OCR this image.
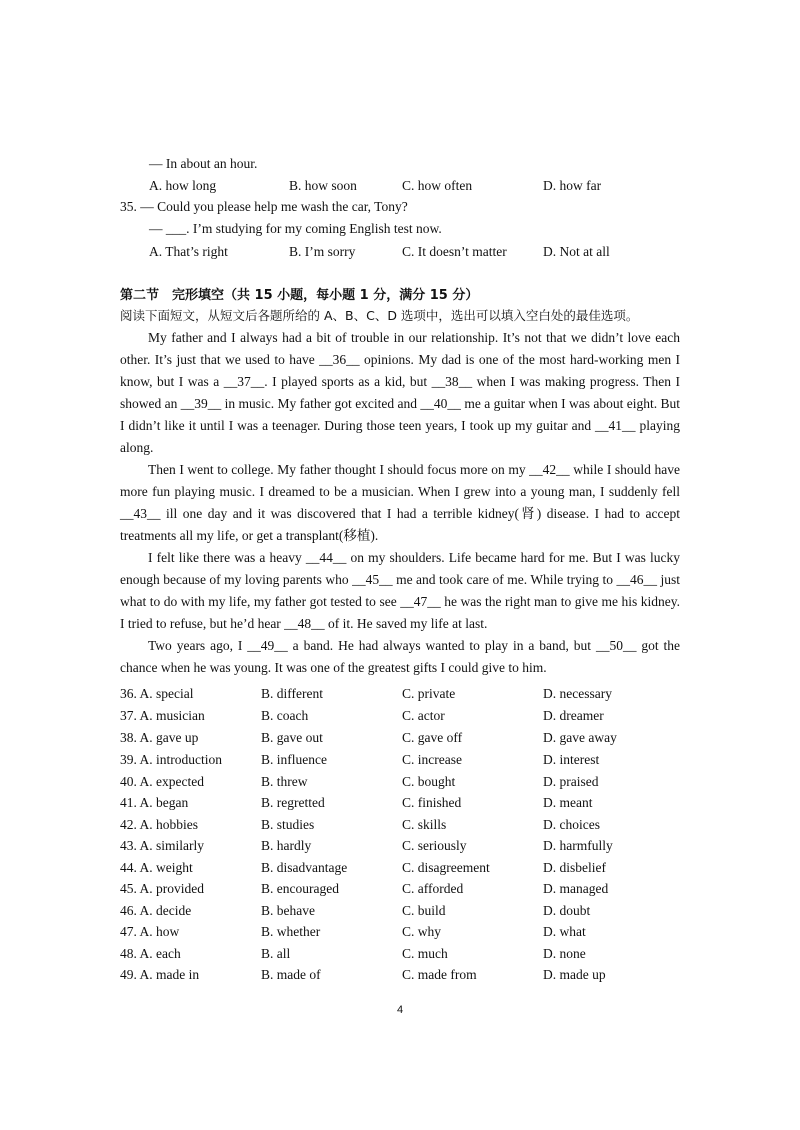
— In about an hour.
A. how long	B. how soon	C. how often	D. how far
35. — Could you please help me wash the car, Tony?
— ___. I’m studying for my coming English test now.
A. That’s right	B. I’m sorry	C. It doesn’t matter	D. Not at all
第二节　完形填空（共 15 小题，每小题 1 分，满分 15 分）
阅读下面短文，从短文后各题所给的 A、B、C、D 选项中，选出可以填入空白处的最佳选项。
My father and I always had a bit of trouble in our relationship. It’s not that we didn’t love each other. It’s just that we used to have __36__ opinions. My dad is one of the most hard-working men I know, but I was a __37__. I played sports as a kid, but __38__ when I was making progress. Then I showed an __39__ in music. My father got excited and __40__ me a guitar when I was about eight. But I didn’t like it until I was a teenager. During those teen years, I took up my guitar and __41__ playing along.
Then I went to college. My father thought I should focus more on my __42__ while I should have more fun playing music. I dreamed to be a musician. When I grew into a young man, I suddenly fell __43__ ill one day and it was discovered that I had a terrible kidney(肾) disease. I had to accept treatments all my life, or get a transplant(移植).
I felt like there was a heavy __44__ on my shoulders. Life became hard for me. But I was lucky enough because of my loving parents who __45__ me and took care of me. While trying to __46__ just what to do with my life, my father got tested to see __47__ he was the right man to give me his kidney. I tried to refuse, but he’d hear __48__ of it. He saved my life at last.
Two years ago, I __49__ a band. He had always wanted to play in a band, but __50__ got the chance when he was young. It was one of the greatest gifts I could give to him.
36. A. special	B. different	C. private	D. necessary
37. A. musician	B. coach	C. actor	D. dreamer
38. A. gave up	B. gave out	C. gave off	D. gave away
39. A. introduction	B. influence	C. increase	D. interest
40. A. expected	B. threw	C. bought	D. praised
41. A. began	B. regretted	C. finished	D. meant
42. A. hobbies	B. studies	C. skills	D. choices
43. A. similarly	B. hardly	C. seriously	D. harmfully
44. A. weight	B. disadvantage	C. disagreement	D. disbelief
45. A. provided	B. encouraged	C. afforded	D. managed
46. A. decide	B. behave	C. build	D. doubt
47. A. how	B. whether	C. why	D. what
48. A. each	B. all	C. much	D. none
49. A. made in	B. made of	C. made from	D. made up
4
